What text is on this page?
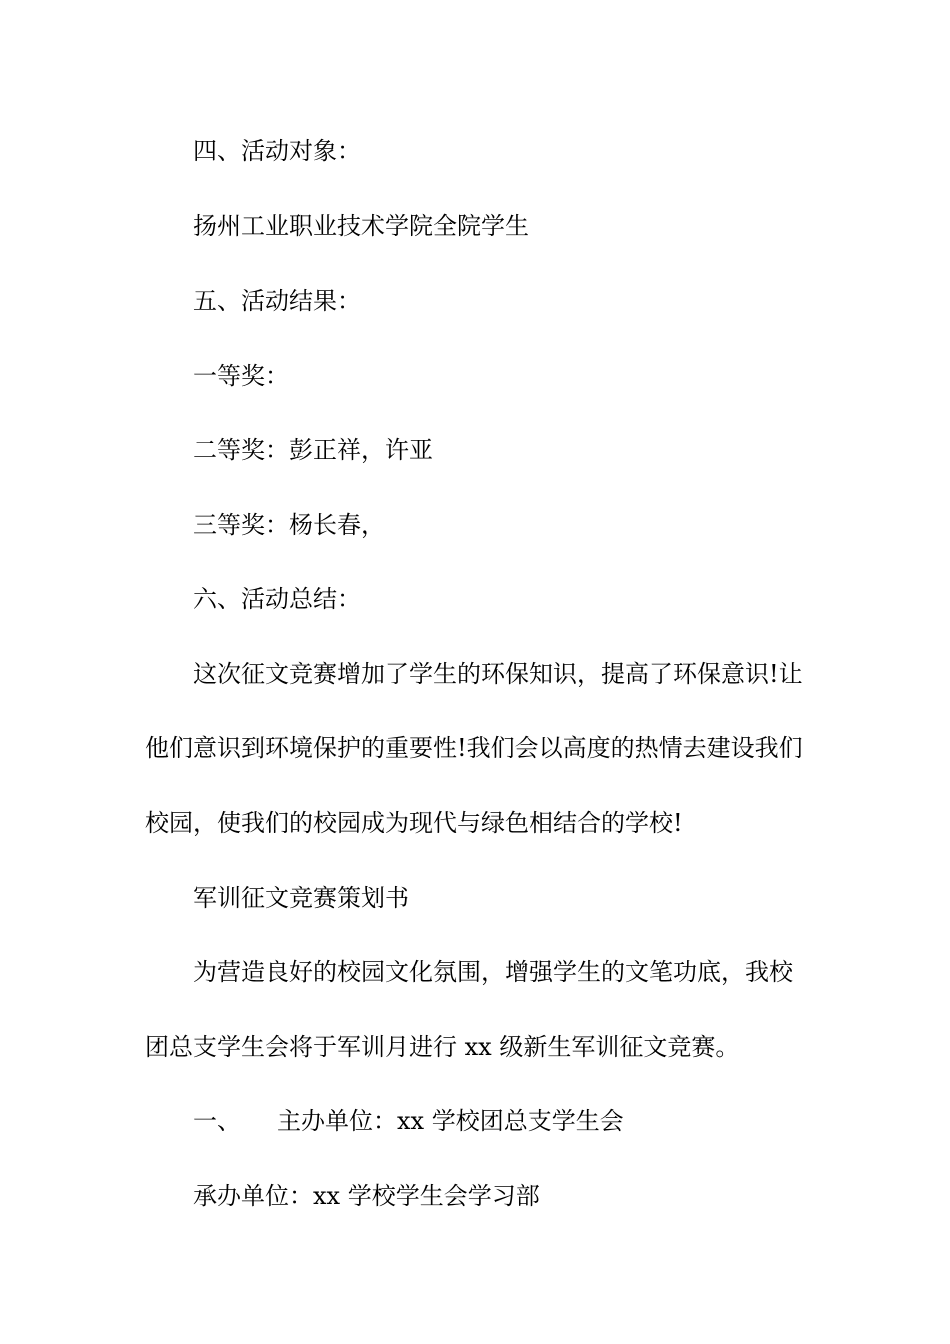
四、活动对象：
扬州工业职业技术学院全院学生
五、活动结果：
一等奖：
二等奖：彭正祥，许亚
三等奖：杨长春，
六、活动总结：
这次征文竞赛增加了学生的环保知识，提高了环保意识!让
他们意识到环境保护的重要性!我们会以高度的热情去建设我们
校园，使我们的校园成为现代与绿色相结合的学校!
军训征文竞赛策划书
为营造良好的校园文化氛围，增强学生的文笔功底，我校
团总支学生会将于军训月进行 xx 级新生军训征文竞赛。
一、 主办单位：xx 学校团总支学生会
承办单位：xx 学校学生会学习部
